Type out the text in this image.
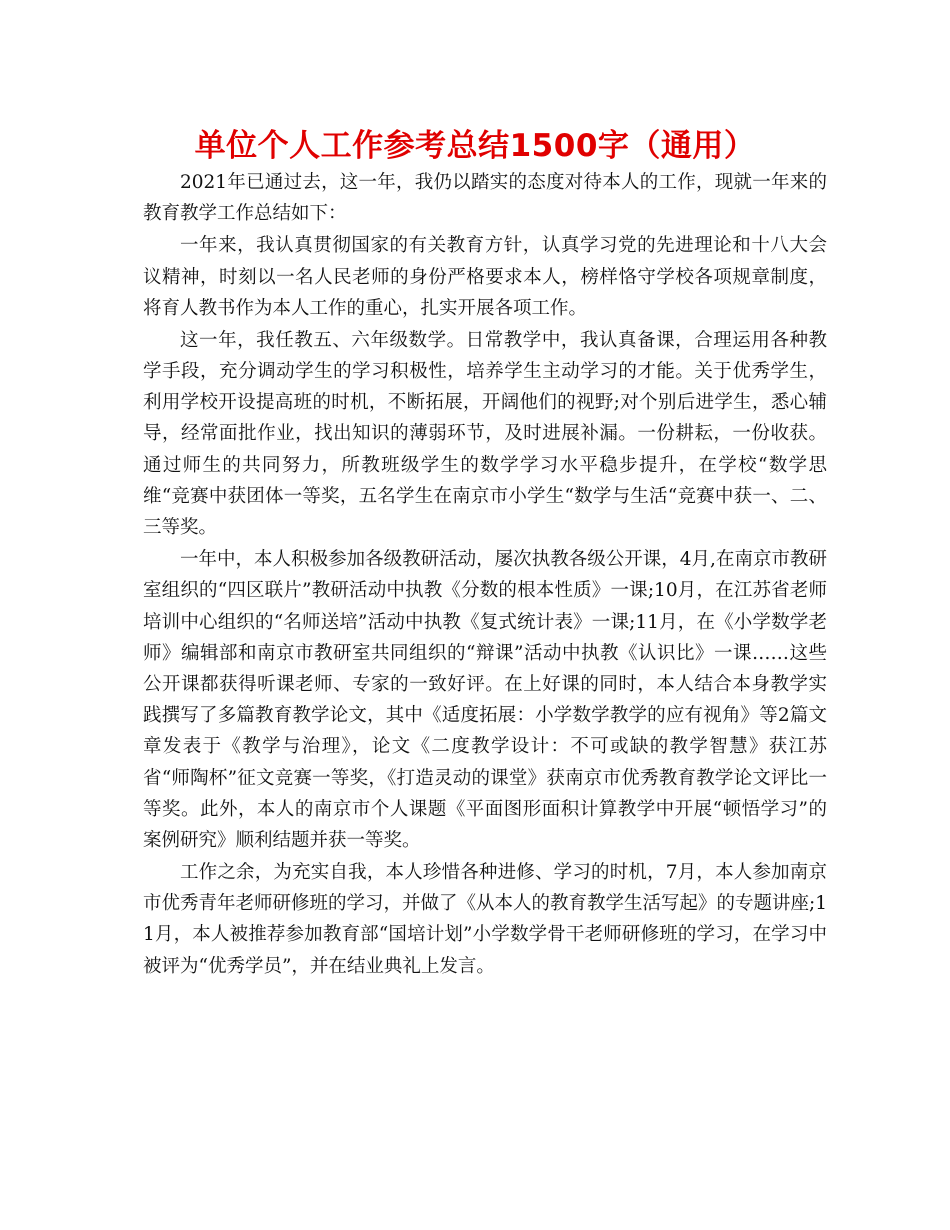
单位个人工作参考总结1500字（通用）

2021年已通过去，这一年，我仍以踏实的态度对待本人的工作，现就一年来的教育教学工作总结如下：

一年来，我认真贯彻国家的有关教育方针，认真学习党的先进理论和十八大会议精神，时刻以一名人民老师的身份严格要求本人，榜样恪守学校各项规章制度，将育人教书作为本人工作的重心，扎实开展各项工作。

这一年，我任教五、六年级数学。日常教学中，我认真备课，合理运用各种教学手段，充分调动学生的学习积极性，培养学生主动学习的才能。关于优秀学生，利用学校开设提高班的时机，不断拓展，开阔他们的视野;对个别后进学生，悉心辅导，经常面批作业，找出知识的薄弱环节，及时进展补漏。一份耕耘，一份收获。通过师生的共同努力，所教班级学生的数学学习水平稳步提升，在学校“数学思维“竞赛中获团体一等奖，五名学生在南京市小学生“数学与生活“竞赛中获一、二、三等奖。

一年中，本人积极参加各级教研活动，屡次执教各级公开课，4月,在南京市教研室组织的“四区联片”教研活动中执教《分数的根本性质》一课;10月，在江苏省老师培训中心组织的“名师送培”活动中执教《复式统计表》一课;11月，在《小学数学老师》编辑部和南京市教研室共同组织的“辩课”活动中执教《认识比》一课……这些公开课都获得听课老师、专家的一致好评。在上好课的同时，本人结合本身教学实践撰写了多篇教育教学论文，其中《适度拓展：小学数学教学的应有视角》等2篇文章发表于《教学与治理》，论文《二度教学设计：不可或缺的教学智慧》获江苏省“师陶杯”征文竞赛一等奖，《打造灵动的课堂》获南京市优秀教育教学论文评比一等奖。此外，本人的南京市个人课题《平面图形面积计算教学中开展“顿悟学习”的案例研究》顺利结题并获一等奖。

工作之余，为充实自我，本人珍惜各种进修、学习的时机，7月，本人参加南京市优秀青年老师研修班的学习，并做了《从本人的教育教学生活写起》的专题讲座;11月，本人被推荐参加教育部“国培计划”小学数学骨干老师研修班的学习，在学习中被评为“优秀学员”，并在结业典礼上发言。
